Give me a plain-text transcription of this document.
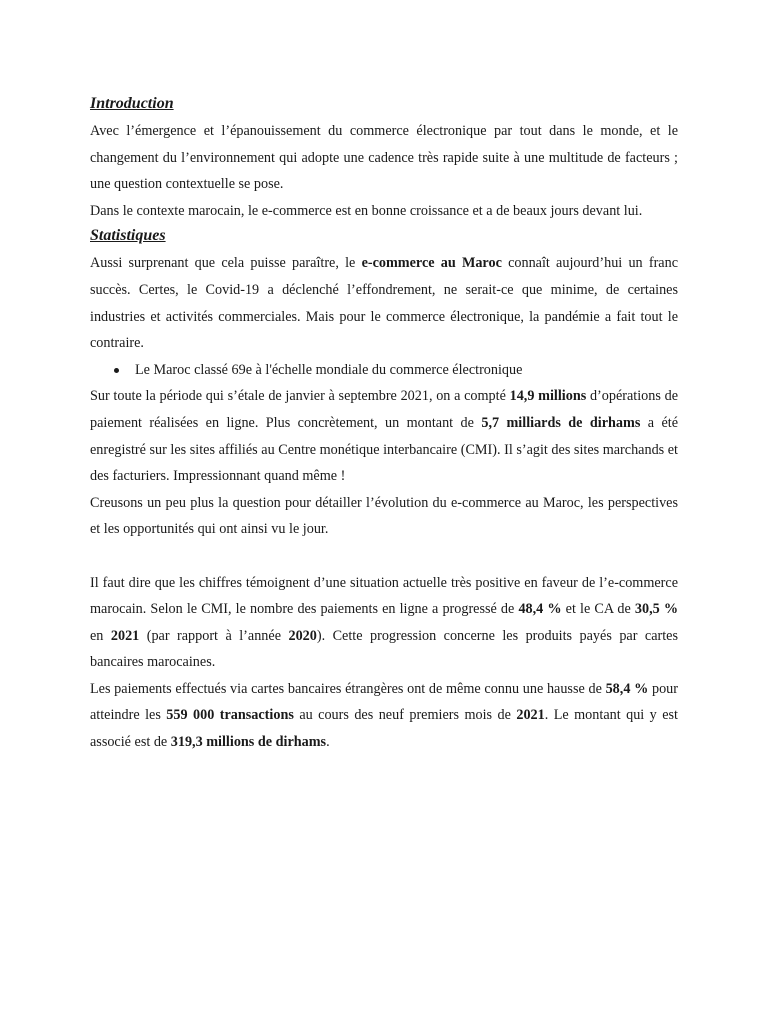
Introduction

Avec l’émergence et l’épanouissement du commerce électronique par tout dans le monde, et le changement du l’environnement qui adopte une cadence très rapide suite à une multitude de facteurs ; une question contextuelle se pose.

Dans le contexte marocain, le e-commerce est en bonne croissance et a de beaux jours devant lui.

Statistiques

Aussi surprenant que cela puisse paraître, le e-commerce au Maroc connaît aujourd’hui un franc succès. Certes, le Covid-19 a déclenché l’effondrement, ne serait-ce que minime, de certaines industries et activités commerciales. Mais pour le commerce électronique, la pandémie a fait tout le contraire.

Le Maroc classé 69e à l'échelle mondiale du commerce électronique

Sur toute la période qui s’étale de janvier à septembre 2021, on a compté 14,9 millions d’opérations de paiement réalisées en ligne. Plus concrètement, un montant de 5,7 milliards de dirhams a été enregistré sur les sites affiliés au Centre monétique interbancaire (CMI). Il s’agit des sites marchands et des facturiers. Impressionnant quand même !

Creusons un peu plus la question pour détailler l’évolution du e-commerce au Maroc, les perspectives et les opportunités qui ont ainsi vu le jour.

Il faut dire que les chiffres témoignent d’une situation actuelle très positive en faveur de l’e-commerce marocain. Selon le CMI, le nombre des paiements en ligne a progressé de 48,4 % et le CA de 30,5 % en 2021 (par rapport à l’année 2020). Cette progression concerne les produits payés par cartes bancaires marocaines.

Les paiements effectués via cartes bancaires étrangères ont de même connu une hausse de 58,4 % pour atteindre les 559 000 transactions au cours des neuf premiers mois de 2021. Le montant qui y est associé est de 319,3 millions de dirhams.
